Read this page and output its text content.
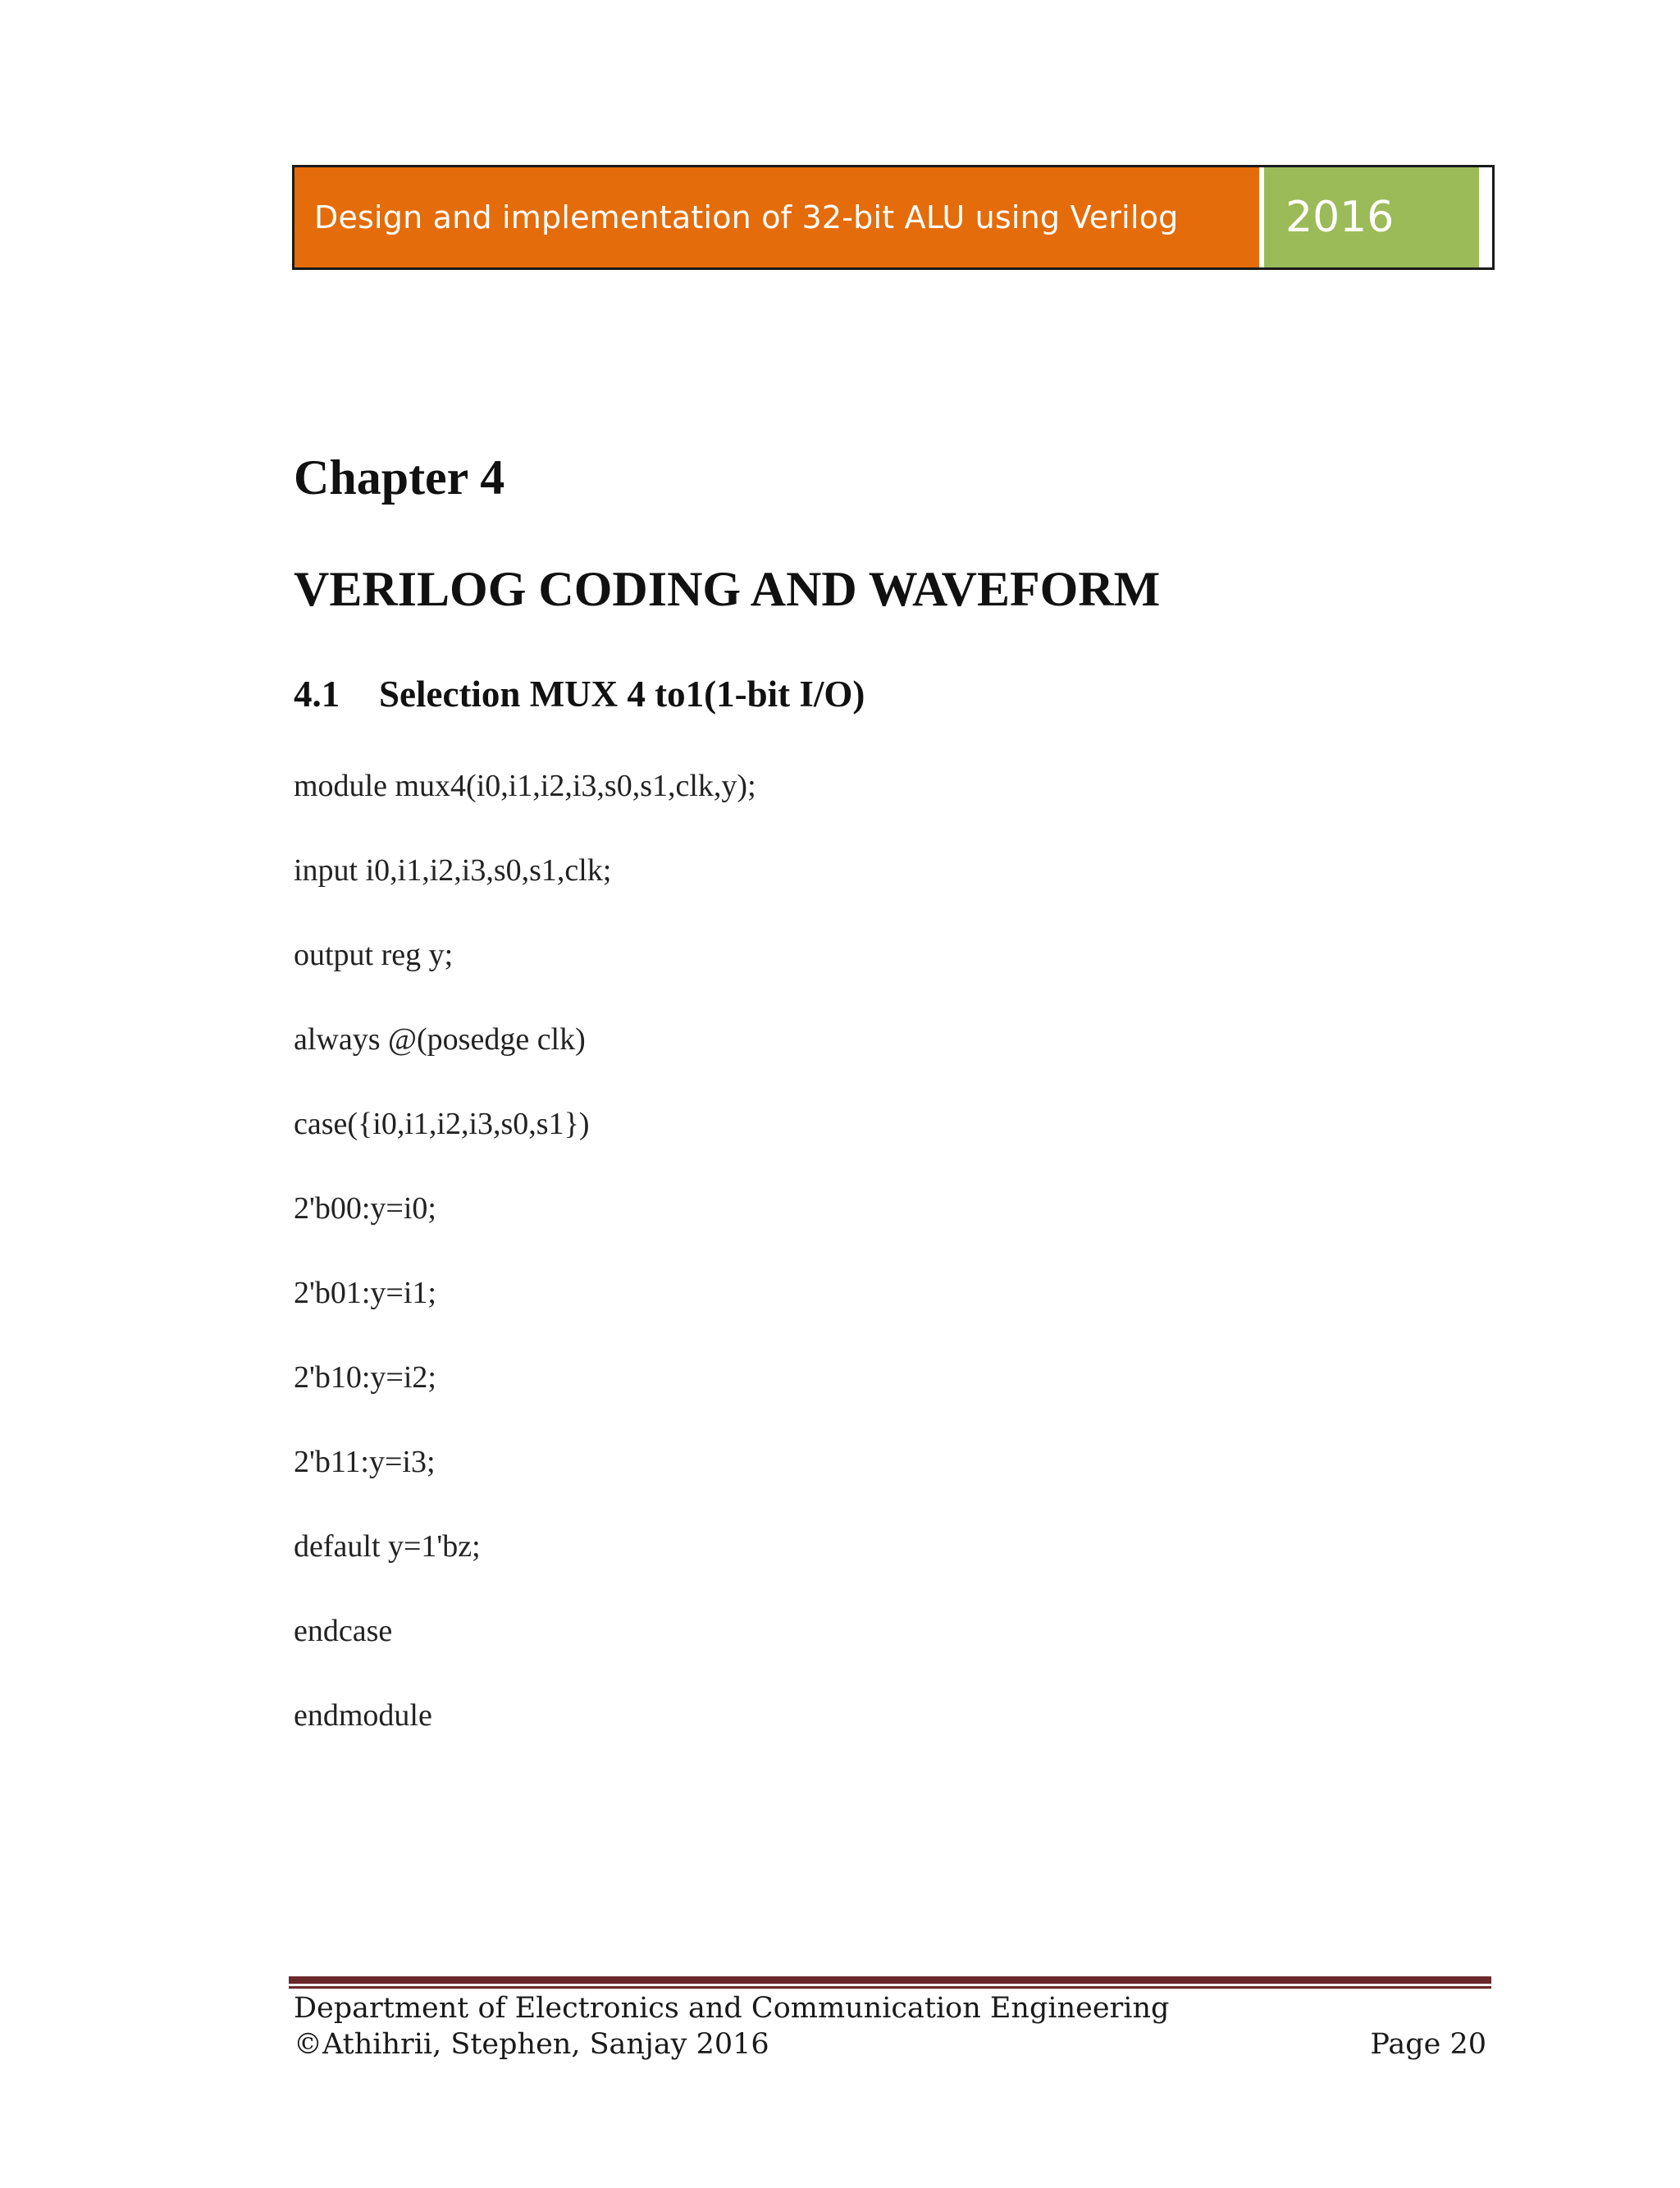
Design and implementation of 32-bit ALU using Verilog	2016
Chapter 4
VERILOG CODING AND WAVEFORM
4.1	Selection MUX 4 to1(1-bit I/O)
module mux4(i0,i1,i2,i3,s0,s1,clk,y);
input i0,i1,i2,i3,s0,s1,clk;
output reg y;
always @(posedge clk)
case({i0,i1,i2,i3,s0,s1})
2'b00:y=i0;
2'b01:y=i1;
2'b10:y=i2;
2'b11:y=i3;
default y=1'bz;
endcase
endmodule
Department of Electronics and Communication Engineering
©Athihrii, Stephen, Sanjay 2016	Page 20
